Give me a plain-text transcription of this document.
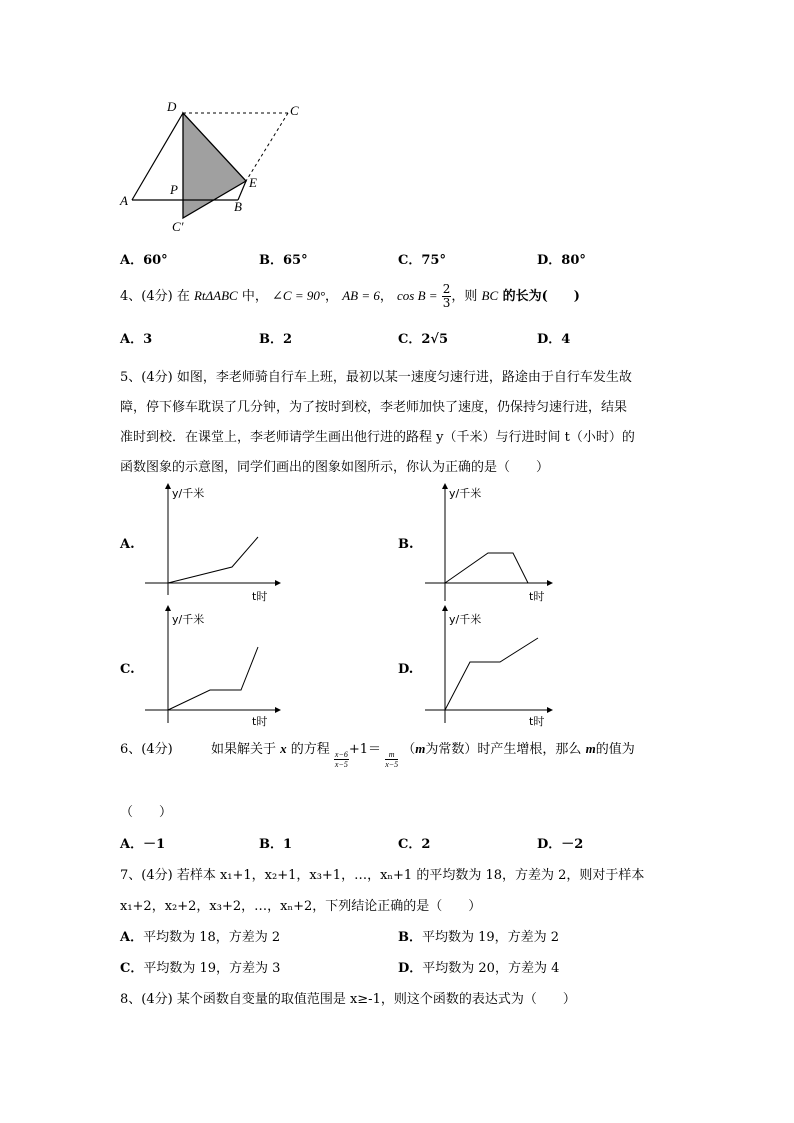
D	C
A
P	E
B
C′
A．60°	B．65°	C．75°	D．80°
4、(4分) 在 RtΔABC 中， ∠C = 90°， AB = 6， $\cos B = \frac{2}{3}$ ，则 BC 的长为(　　)
A．3	B．2	C．2√5	D．4
5、(4分) 如图，李老师骑自行车上班，最初以某一速度匀速行进，路途由于自行车发生故
障，停下修车耽误了几分钟，为了按时到校，李老师加快了速度，仍保持匀速行进，结果
准时到校．在课堂上，李老师请学生画出他行进的路程 y（千米）与行进时间 t（小时）的
函数图象的示意图，同学们画出的图象如图所示，你认为正确的是（　　）
A.
y/千米
t时
B.
y/千米
t时
C.
y/千米
t时
D.
y/千米
t时
6、(4分)	如果解关于 x 的方程
$\frac{x-6}{x-5}$
+1＝
$\frac{m}{x-5}$
（m为常数）时产生增根，那么 m的值为
（　　）
A．－1	B．1	C．2	D．－2
7、(4分) 若样本 x₁+1，x₂+1，x₃+1，…，xₙ+1 的平均数为 18，方差为 2，则对于样本
x₁+2，x₂+2，x₃+2，…，xₙ+2，下列结论正确的是（　　）
A．平均数为 18，方差为 2	B．平均数为 19，方差为 2
C．平均数为 19，方差为 3	D．平均数为 20，方差为 4
8、(4分) 某个函数自变量的取值范围是 x≥-1，则这个函数的表达式为（　　）
